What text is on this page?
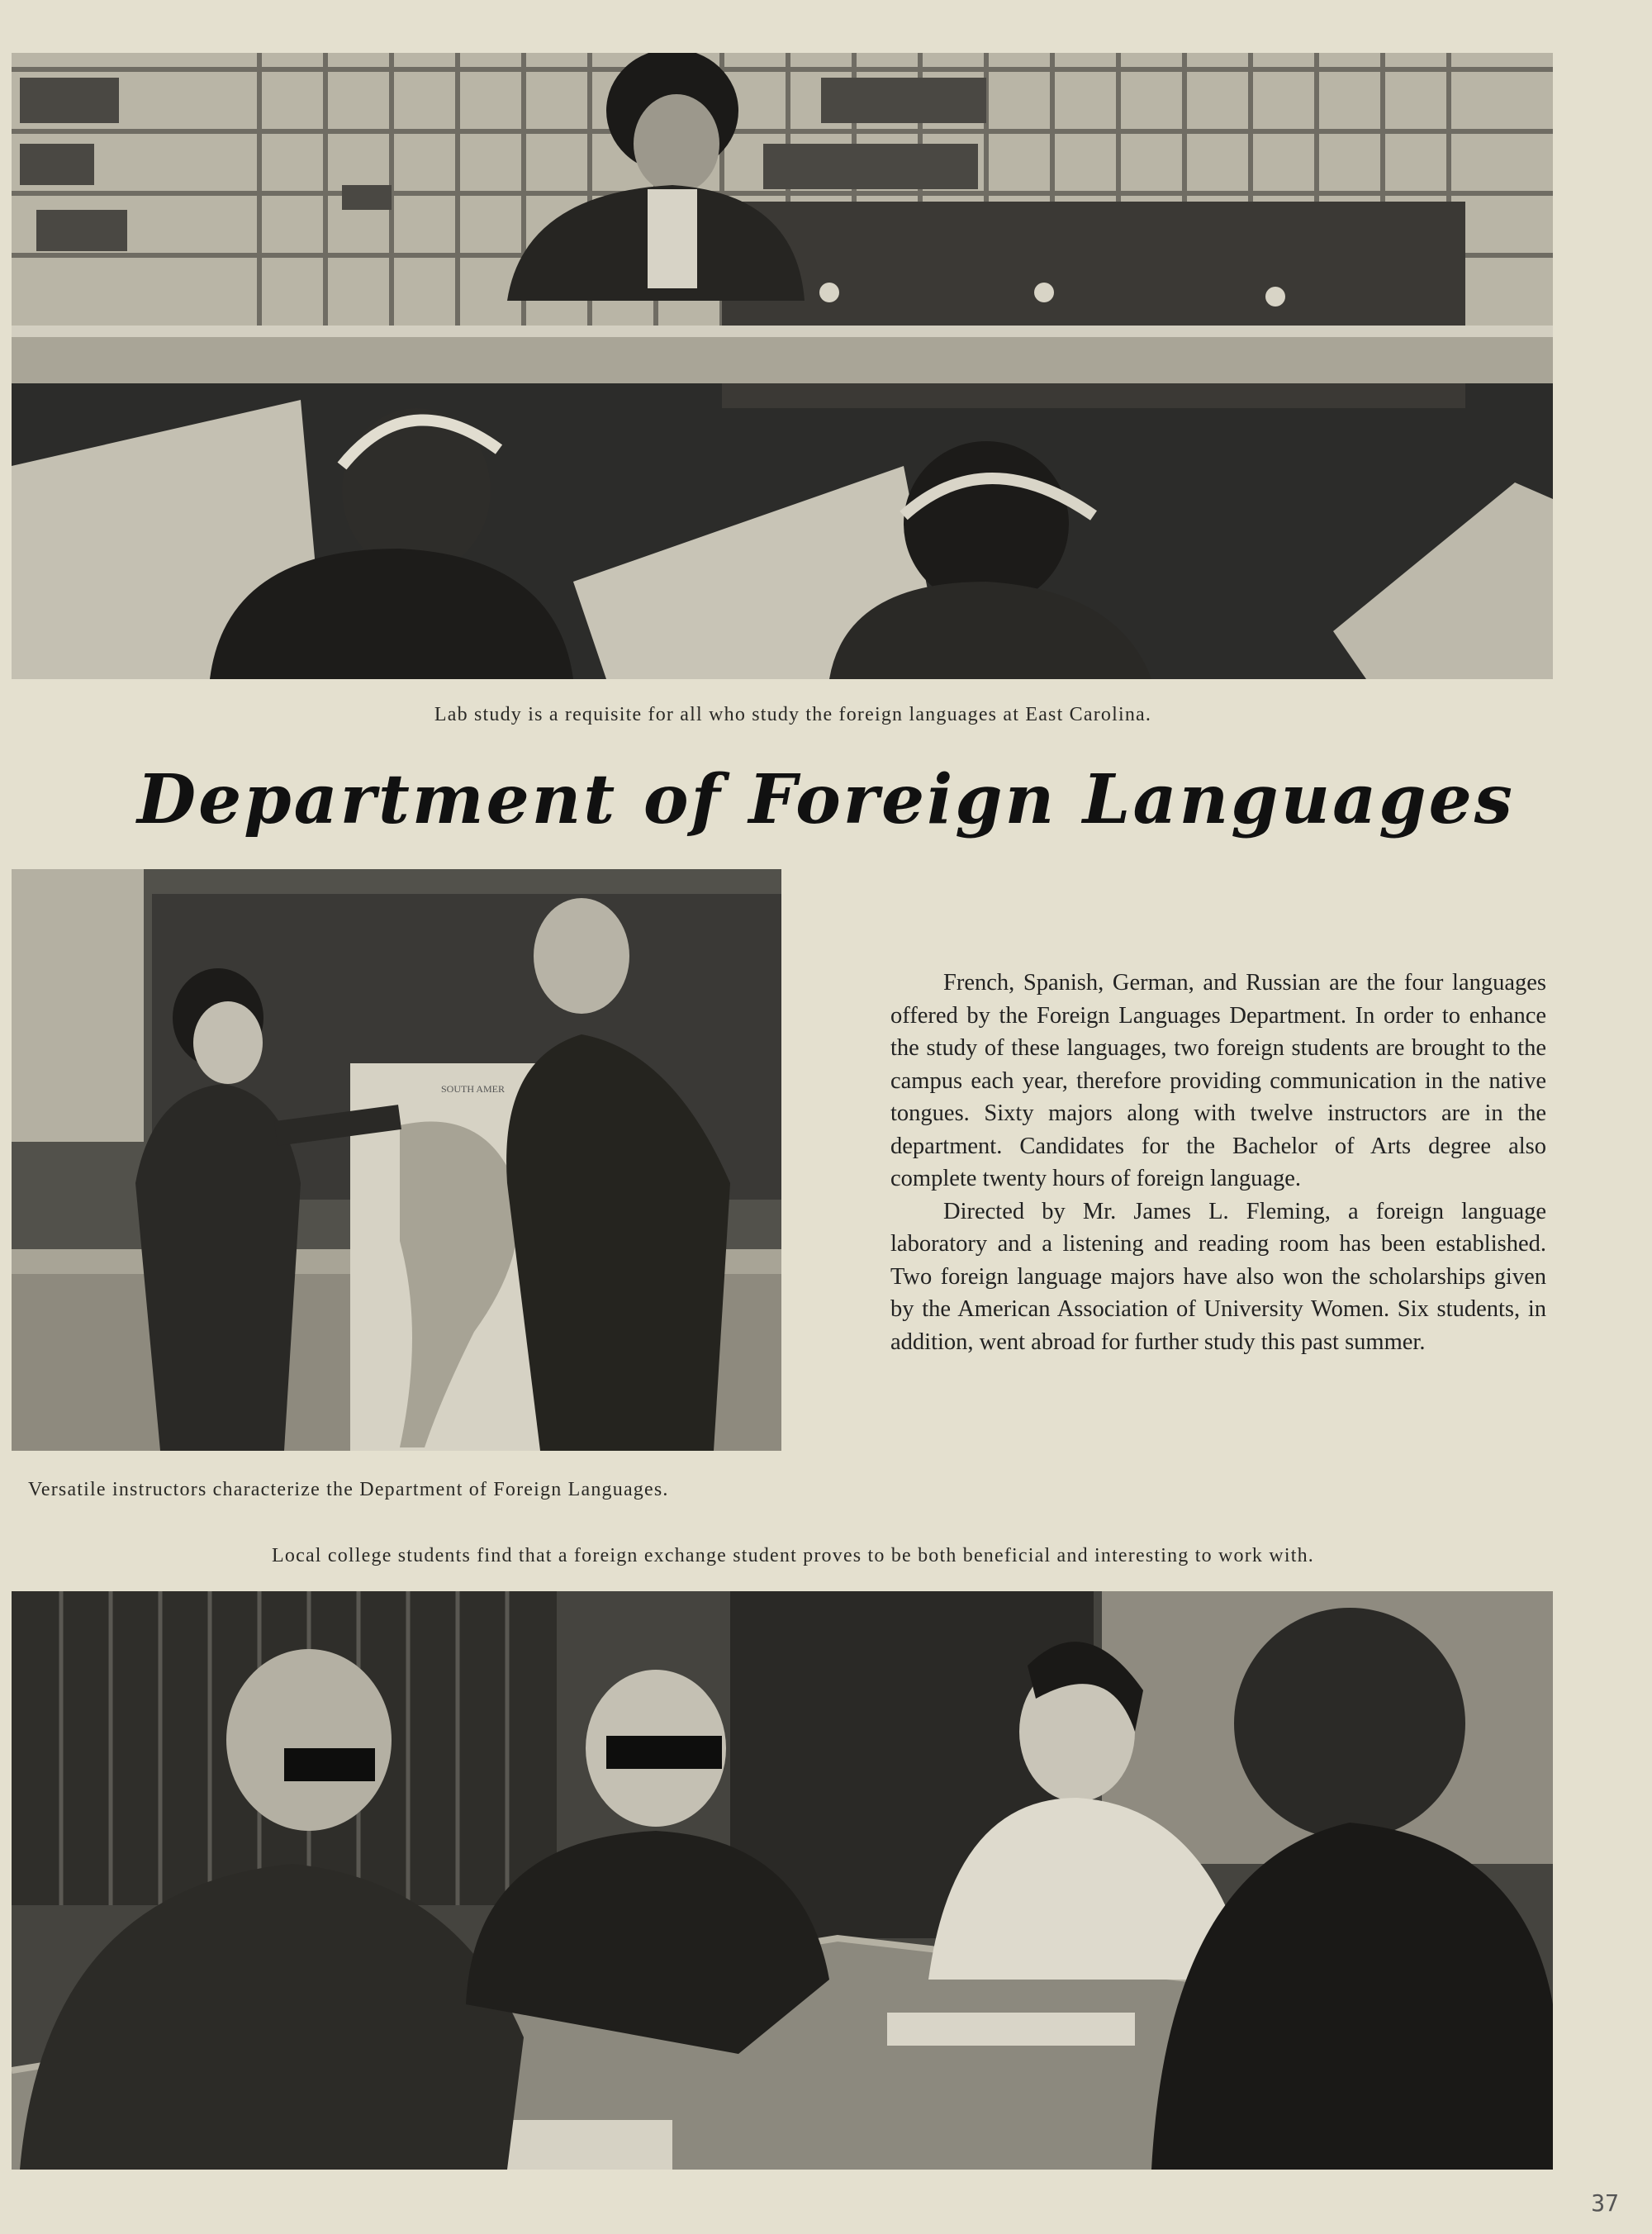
Lab study is a requisite for all who study the foreign languages at East Carolina.
Department of Foreign Languages
SOUTH AMER
Versatile instructors characterize the Department of Foreign Languages.

French, Spanish, German, and Russian are the four languages offered by the Foreign Languages Department. In order to enhance the study of these languages, two foreign students are brought to the campus each year, therefore providing communication in the native tongues. Sixty majors along with twelve instructors are in the department. Candidates for the Bachelor of Arts degree also complete twenty hours of foreign language.

Directed by Mr. James L. Fleming, a foreign language laboratory and a listening and reading room has been established. Two foreign language majors have also won the scholarships given by the American Association of University Women. Six students, in addition, went abroad for further study this past summer.

Local college students find that a foreign exchange student proves to be both beneficial and interesting to work with.
37
